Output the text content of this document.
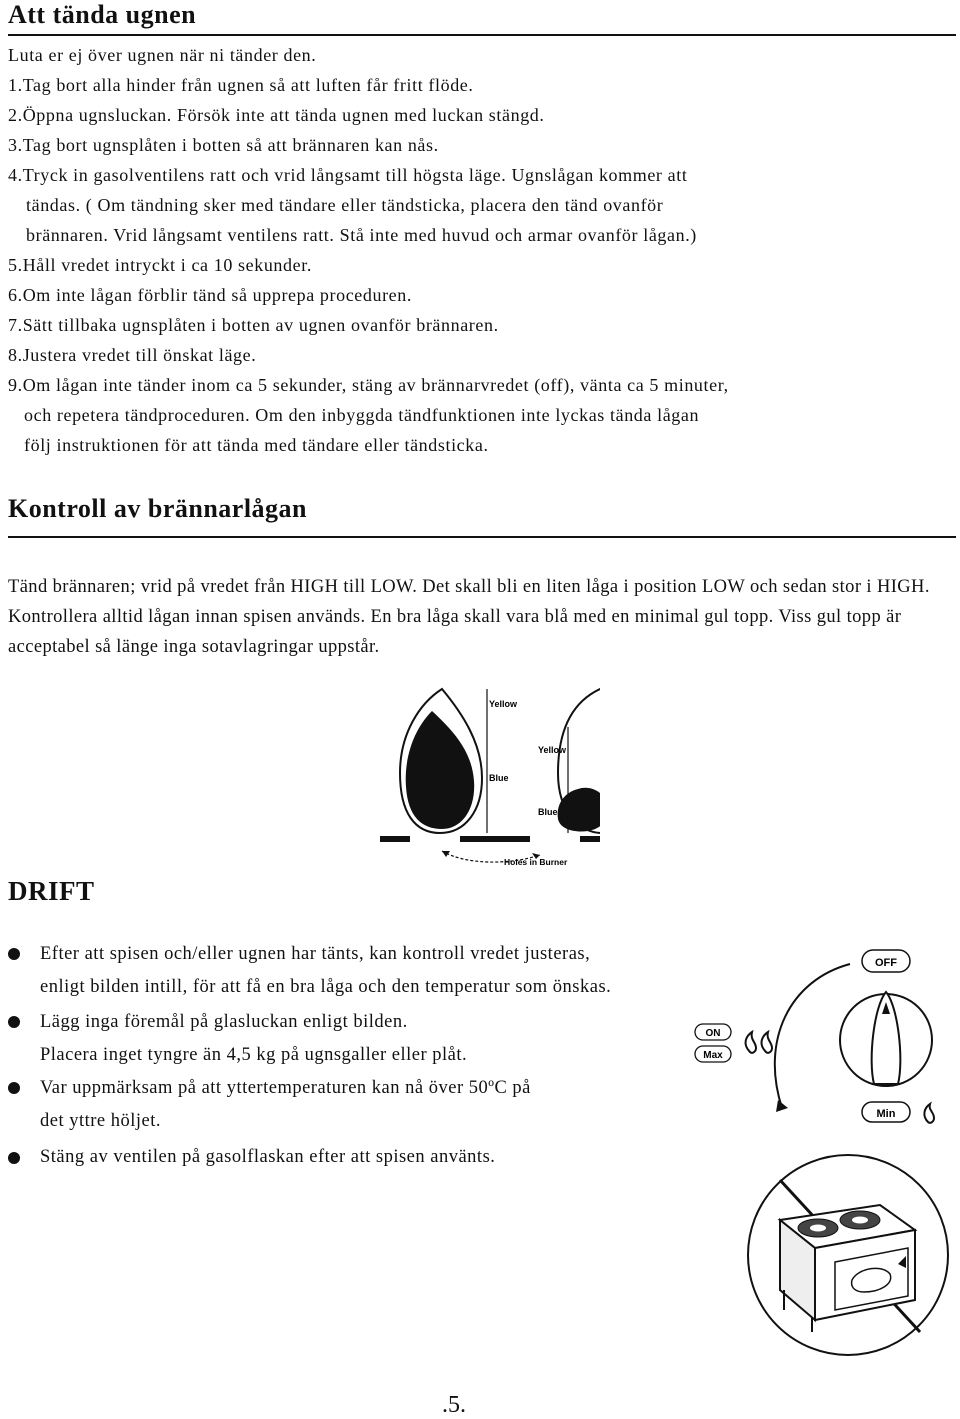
Att tända ugnen
Luta er ej över ugnen när ni tänder den.
1.Tag bort alla hinder från ugnen så att luften får fritt flöde.
2.Öppna ugnsluckan. Försök inte att tända ugnen med luckan stängd.
3.Tag bort ugnsplåten i botten så att brännaren kan nås.
4.Tryck in gasolventilens ratt och vrid långsamt till högsta läge. Ugnslågan kommer att
tändas. ( Om tändning sker med tändare eller tändsticka, placera den tänd ovanför
brännaren. Vrid långsamt ventilens ratt. Stå inte med huvud och armar ovanför lågan.)
5.Håll vredet intryckt i ca 10 sekunder.
6.Om inte lågan förblir tänd så upprepa proceduren.
7.Sätt tillbaka ugnsplåten i botten av ugnen ovanför brännaren.
8.Justera vredet till önskat läge.
9.Om lågan inte tänder inom ca 5 sekunder, stäng av brännarvredet (off), vänta ca 5 minuter,
och repetera tändproceduren. Om den inbyggda tändfunktionen inte lyckas tända lågan
följ instruktionen för att tända med tändare eller tändsticka.
Kontroll av brännarlågan
Tänd brännaren; vrid på vredet från HIGH till LOW. Det skall bli en liten låga i position LOW och sedan stor i HIGH. Kontrollera alltid lågan innan spisen används. En bra låga skall vara blå med en minimal gul topp. Viss gul topp är acceptabel så länge inga sotavlagringar uppstår.
Yellow
Yellow
Blue
Blue
Holes in Burner
DRIFT
Efter att spisen och/eller ugnen har tänts, kan kontroll vredet justeras,
enligt bilden intill, för att få en bra låga och den temperatur som önskas.
Lägg inga föremål på glasluckan enligt bilden.
Placera inget tyngre än 4,5 kg på ugnsgaller eller plåt.
Var uppmärksam på att yttertemperaturen kan nå över 50ºC på
det yttre höljet.
Stäng av ventilen på gasolflaskan efter att spisen använts.
OFF
ON
Max
Min
.5.
